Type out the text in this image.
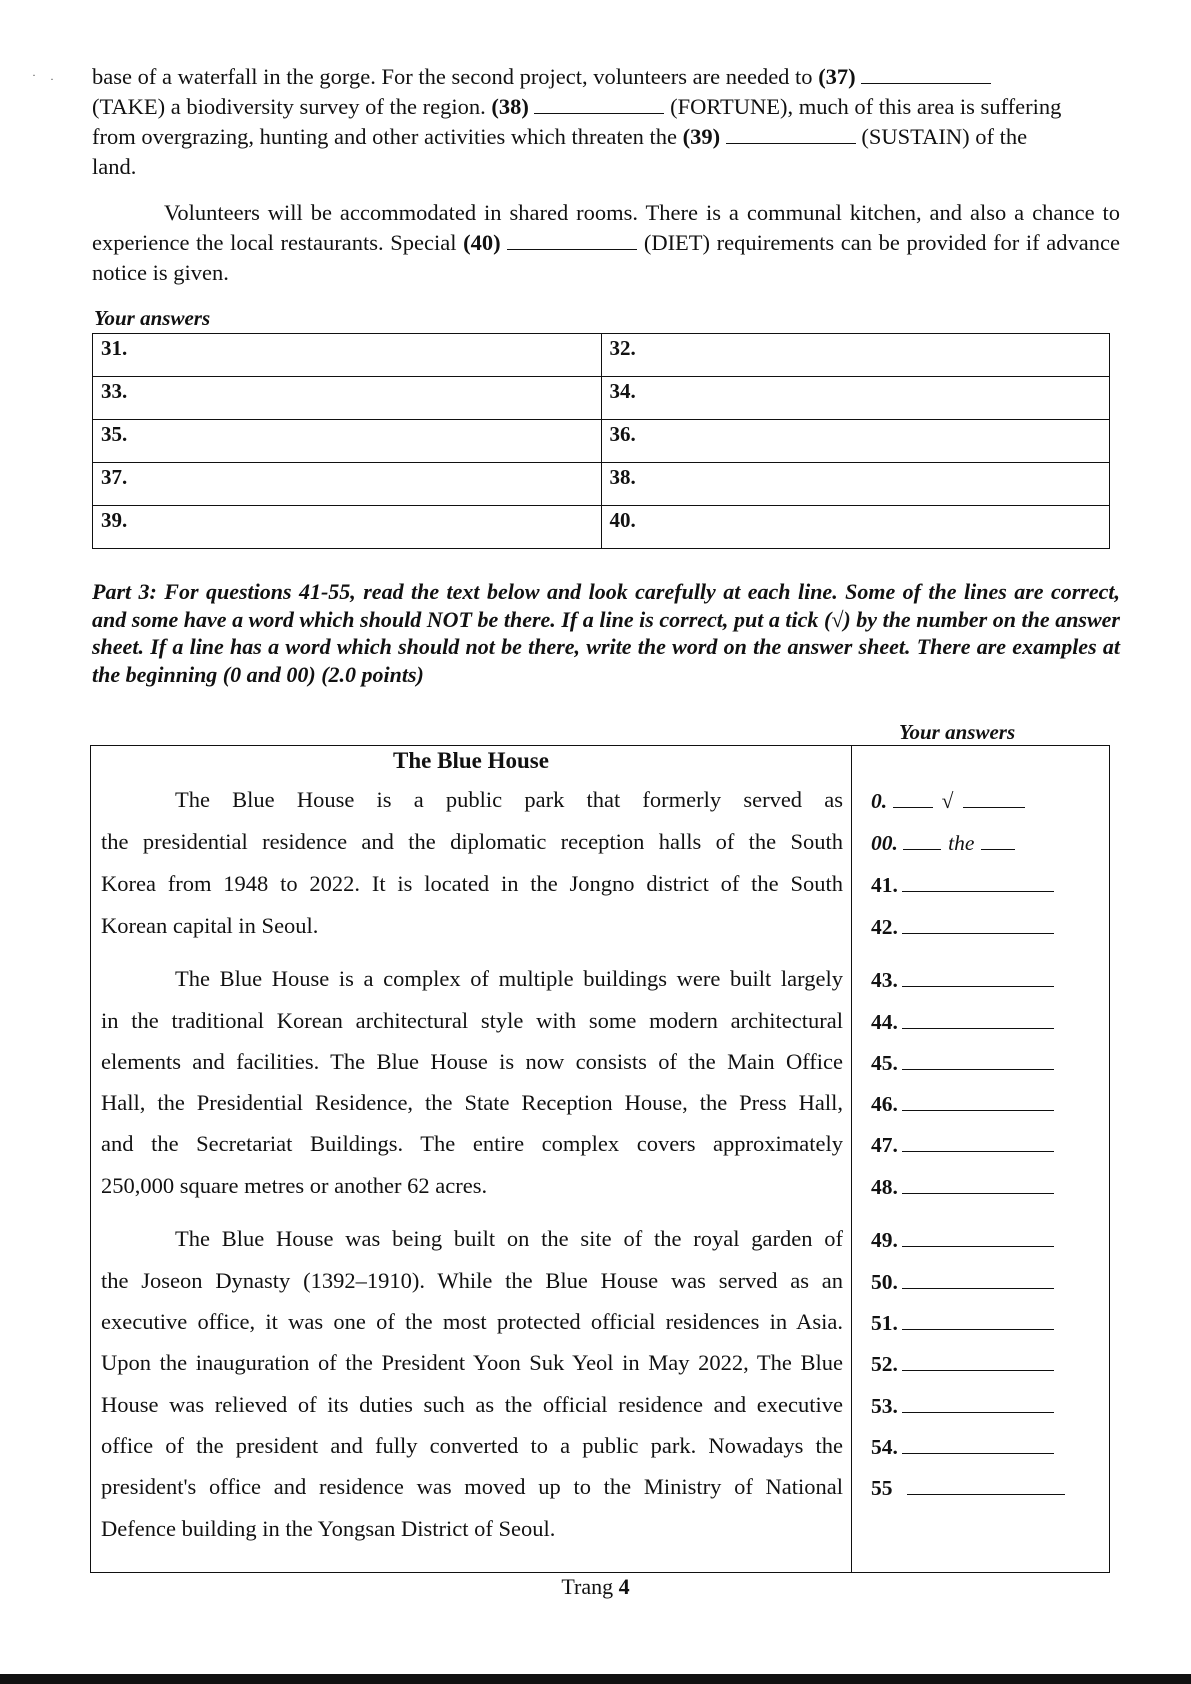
· · base of a waterfall in the gorge. For the second project, volunteers are needed to (37)
(TAKE) a biodiversity survey of the region. (38)	(FORTUNE), much of this area is suffering
from overgrazing, hunting and other activities which threaten the (39)	(SUSTAIN) of the
land.
Volunteers will be accommodated in shared rooms. There is a communal kitchen, and also a chance to experience the local restaurants. Special (40)	(DIET) requirements can be provided for if advance notice is given.
Your answers
31.	32.
33.	34.
35.	36.
37.	38.
39.	40.
Part 3: For questions 41-55, read the text below and look carefully at each line. Some of the lines are correct, and some have a word which should NOT be there. If a line is correct, put a tick (√) by the number on the answer sheet. If a line has a word which should not be there, write the word on the answer sheet. There are examples at the beginning (0 and 00) (2.0 points)
Your answers
The Blue House
The Blue House is a public park that formerly served as
the presidential residence and the diplomatic reception halls of the South
Korea from 1948 to 2022. It is located in the Jongno district of the South
Korean capital in Seoul.
The Blue House is a complex of multiple buildings were built largely
in the traditional Korean architectural style with some modern architectural
elements and facilities. The Blue House is now consists of the Main Office
Hall, the Presidential Residence, the State Reception House, the Press Hall,
and the Secretariat Buildings. The entire complex covers approximately
250,000 square metres or another 62 acres.
The Blue House was being built on the site of the royal garden of
the Joseon Dynasty (1392–1910). While the Blue House was served as an
executive office, it was one of the most protected official residences in Asia.
Upon the inauguration of the President Yoon Suk Yeol in May 2022, The Blue
House was relieved of its duties such as the official residence and executive
office of the president and fully converted to a public park. Nowadays the
president's office and residence was moved up to the Ministry of National
Defence building in the Yongsan District of Seoul.
0.	√
00. the
41.
42.
43.
44.
45.
46.
47.
48.
49.
50.
51.
52.
53.
54.
55
Trang 4
